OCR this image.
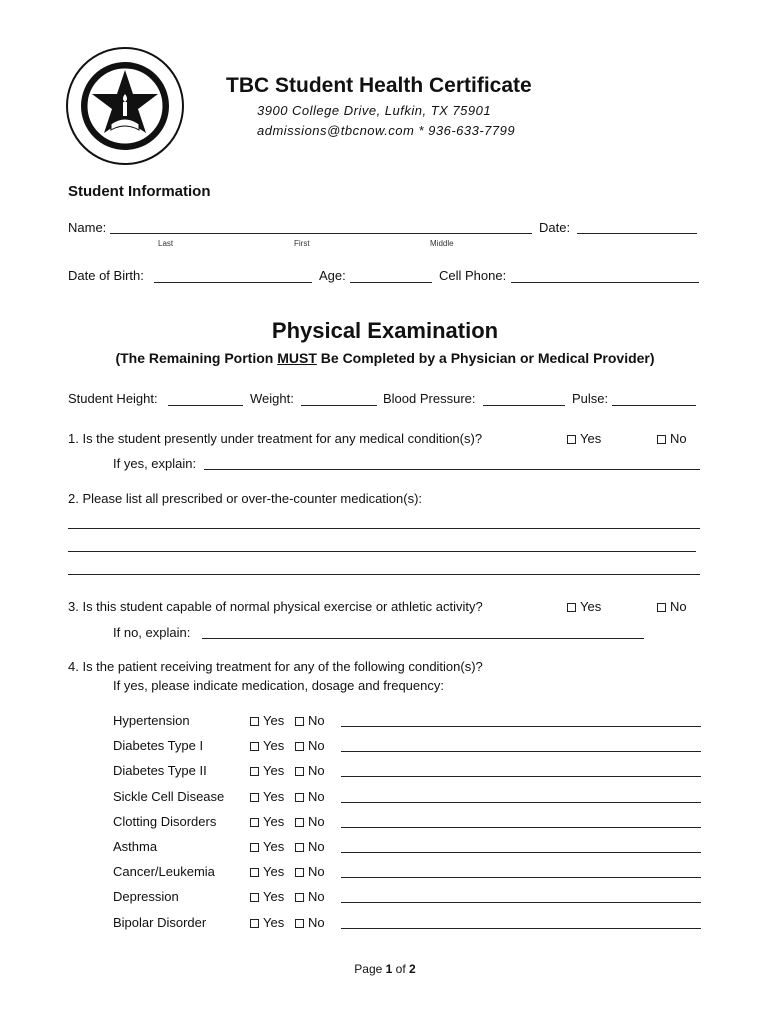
TBC Student Health Certificate
3900 College Drive, Lufkin, TX 75901
admissions@tbcnow.com * 936-633-7799
Student Information
Name:	Date:
Last	First	Middle
Date of Birth:	Age:	Cell Phone:
Physical Examination
(The Remaining Portion MUST Be Completed by a Physician or Medical Provider)
Student Height:	Weight:	Blood Pressure:	Pulse:
1. Is the student presently under treatment for any medical condition(s)?	Yes	No
If yes, explain:
2. Please list all prescribed or over-the-counter medication(s):
3. Is this student capable of normal physical exercise or athletic activity?	Yes	No
If no, explain:
4. Is the patient receiving treatment for any of the following condition(s)?
If yes, please indicate medication, dosage and frequency:
Hypertension	Yes	No
Diabetes Type I	Yes	No
Diabetes Type II	Yes	No
Sickle Cell Disease	Yes	No
Clotting Disorders	Yes	No
Asthma	Yes	No
Cancer/Leukemia	Yes	No
Depression	Yes	No
Bipolar Disorder	Yes	No
Page 1 of 2
